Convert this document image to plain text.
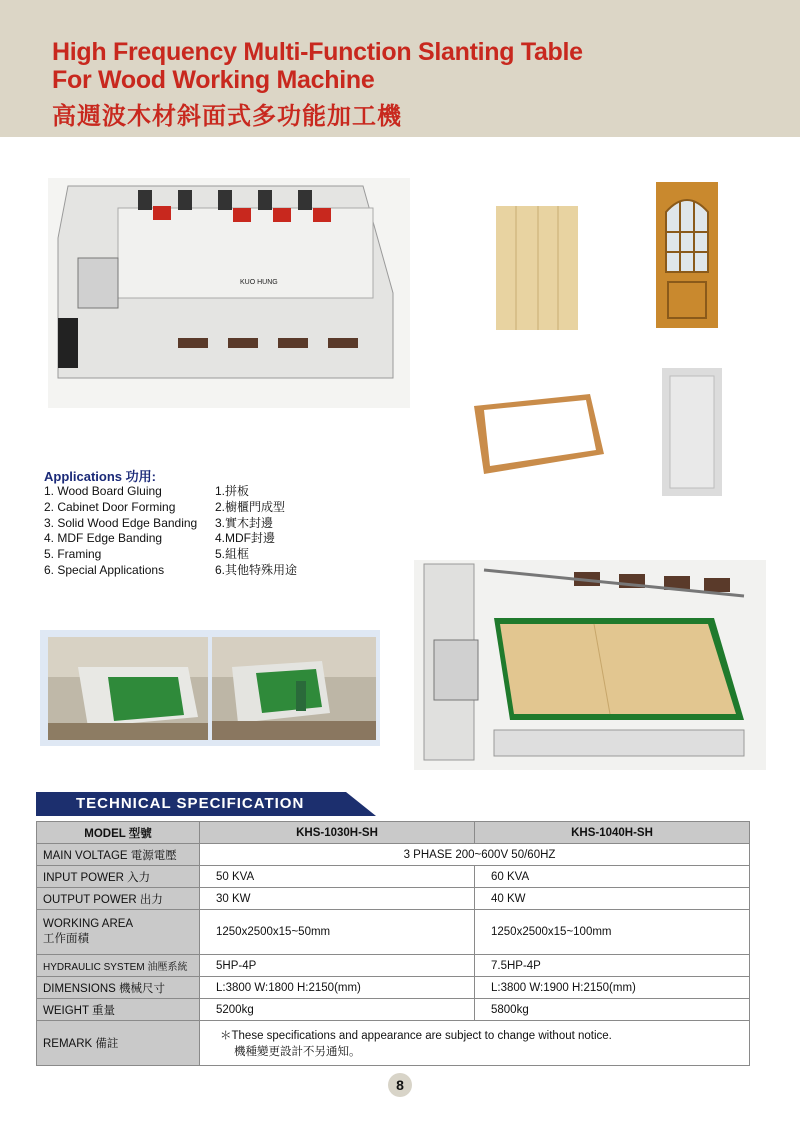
High Frequency Multi-Function Slanting Table
For Wood Working Machine
高週波木材斜面式多功能加工機
KUO HUNG
Applications 功用:
1. Wood Board Gluing
2. Cabinet Door Forming
3. Solid Wood Edge Banding
4. MDF Edge Banding
5. Framing
6. Special Applications
1.拼板
2.櫥櫃門成型
3.實木封邊
4.MDF封邊
5.組框
6.其他特殊用途
TECHNICAL SPECIFICATION
MODEL 型號	KHS-1030H-SH	KHS-1040H-SH
MAIN VOLTAGE 電源電壓	3 PHASE 200~600V 50/60HZ	
INPUT POWER 入力	50 KVA	60 KVA
OUTPUT POWER 出力	30 KW	40 KW

WORKING AREA
工作面積	1250x2500x15~50mm	1250x2500x15~100mm
HYDRAULIC SYSTEM 油壓系統	5HP-4P	7.5HP-4P
DIMENSIONS 機械尺寸	L:3800 W:1800 H:2150(mm)	L:3800 W:1900 H:2150(mm)
WEIGHT 重量	5200kg	5800kg
REMARK 備註	＊These specifications and appearance are subject to change without notice.
機種變更設計不另通知。	
8
